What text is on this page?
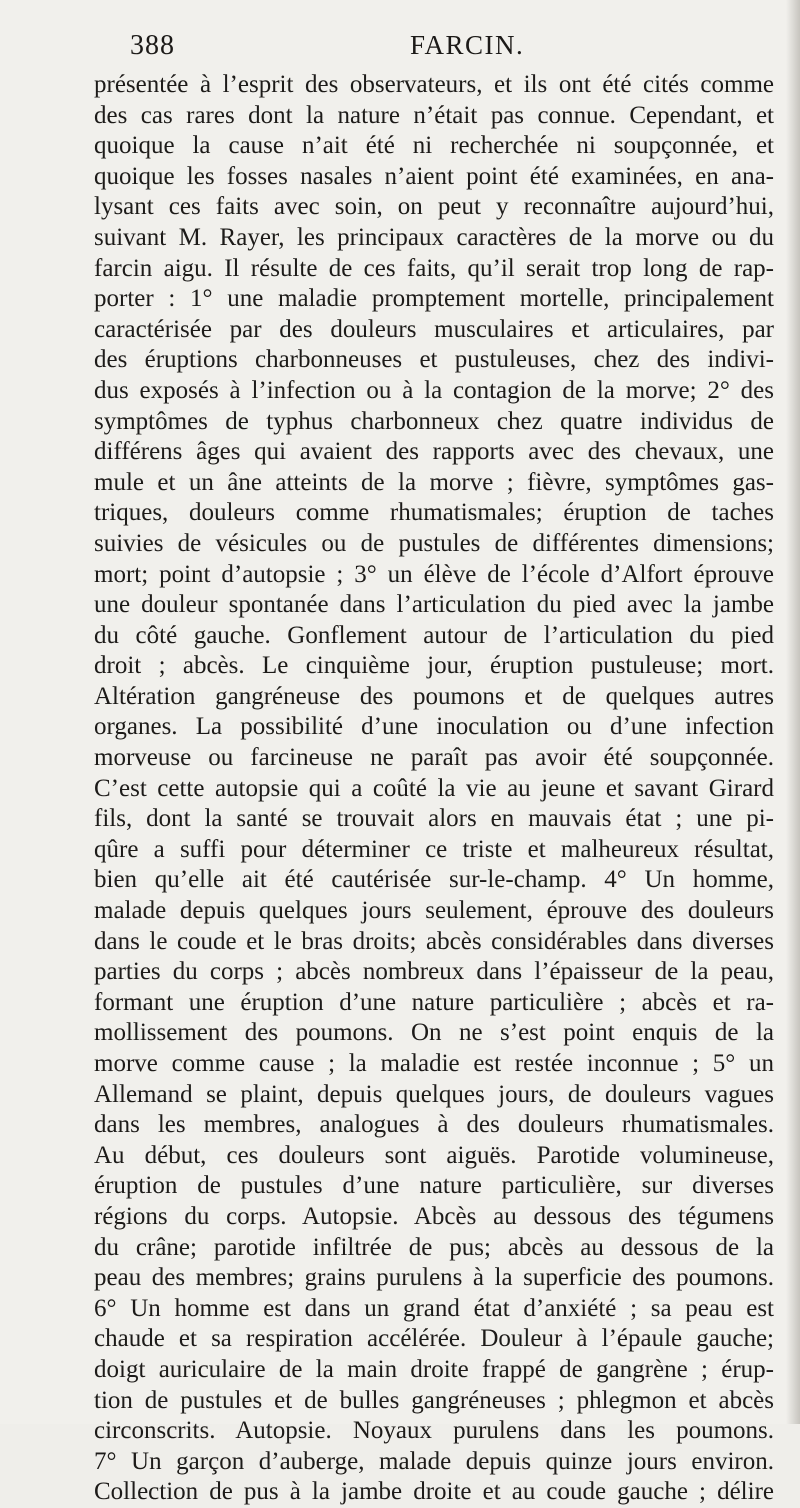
388	FARCIN.
présentée à l’esprit des observateurs, et ils ont été cités comme
des cas rares dont la nature n’était pas connue. Cependant, et
quoique la cause n’ait été ni recherchée ni soupçonnée, et
quoique les fosses nasales n’aient point été examinées, en ana-
lysant ces faits avec soin, on peut y reconnaître aujourd’hui,
suivant M. Rayer, les principaux caractères de la morve ou du
farcin aigu. Il résulte de ces faits, qu’il serait trop long de rap-
porter : 1° une maladie promptement mortelle, principalement
caractérisée par des douleurs musculaires et articulaires, par
des éruptions charbonneuses et pustuleuses, chez des indivi-
dus exposés à l’infection ou à la contagion de la morve; 2° des
symptômes de typhus charbonneux chez quatre individus de
différens âges qui avaient des rapports avec des chevaux, une
mule et un âne atteints de la morve ; fièvre, symptômes gas-
triques, douleurs comme rhumatismales; éruption de taches
suivies de vésicules ou de pustules de différentes dimensions;
mort; point d’autopsie ; 3° un élève de l’école d’Alfort éprouve
une douleur spontanée dans l’articulation du pied avec la jambe
du côté gauche. Gonflement autour de l’articulation du pied
droit ; abcès. Le cinquième jour, éruption pustuleuse; mort.
Altération gangréneuse des poumons et de quelques autres
organes. La possibilité d’une inoculation ou d’une infection
morveuse ou farcineuse ne paraît pas avoir été soupçonnée.
C’est cette autopsie qui a coûté la vie au jeune et savant Girard
fils, dont la santé se trouvait alors en mauvais état ; une pi-
qûre a suffi pour déterminer ce triste et malheureux résultat,
bien qu’elle ait été cautérisée sur-le-champ. 4° Un homme,
malade depuis quelques jours seulement, éprouve des douleurs
dans le coude et le bras droits; abcès considérables dans diverses
parties du corps ; abcès nombreux dans l’épaisseur de la peau,
formant une éruption d’une nature particulière ; abcès et ra-
mollissement des poumons. On ne s’est point enquis de la
morve comme cause ; la maladie est restée inconnue ; 5° un
Allemand se plaint, depuis quelques jours, de douleurs vagues
dans les membres, analogues à des douleurs rhumatismales.
Au début, ces douleurs sont aiguës. Parotide volumineuse,
éruption de pustules d’une nature particulière, sur diverses
régions du corps. Autopsie. Abcès au dessous des tégumens
du crâne; parotide infiltrée de pus; abcès au dessous de la
peau des membres; grains purulens à la superficie des poumons.
6° Un homme est dans un grand état d’anxiété ; sa peau est
chaude et sa respiration accélérée. Douleur à l’épaule gauche;
doigt auriculaire de la main droite frappé de gangrène ; érup-
tion de pustules et de bulles gangréneuses ; phlegmon et abcès
circonscrits. Autopsie. Noyaux purulens dans les poumons.
7° Un garçon d’auberge, malade depuis quinze jours environ.
Collection de pus à la jambe droite et au coude gauche ; délire
